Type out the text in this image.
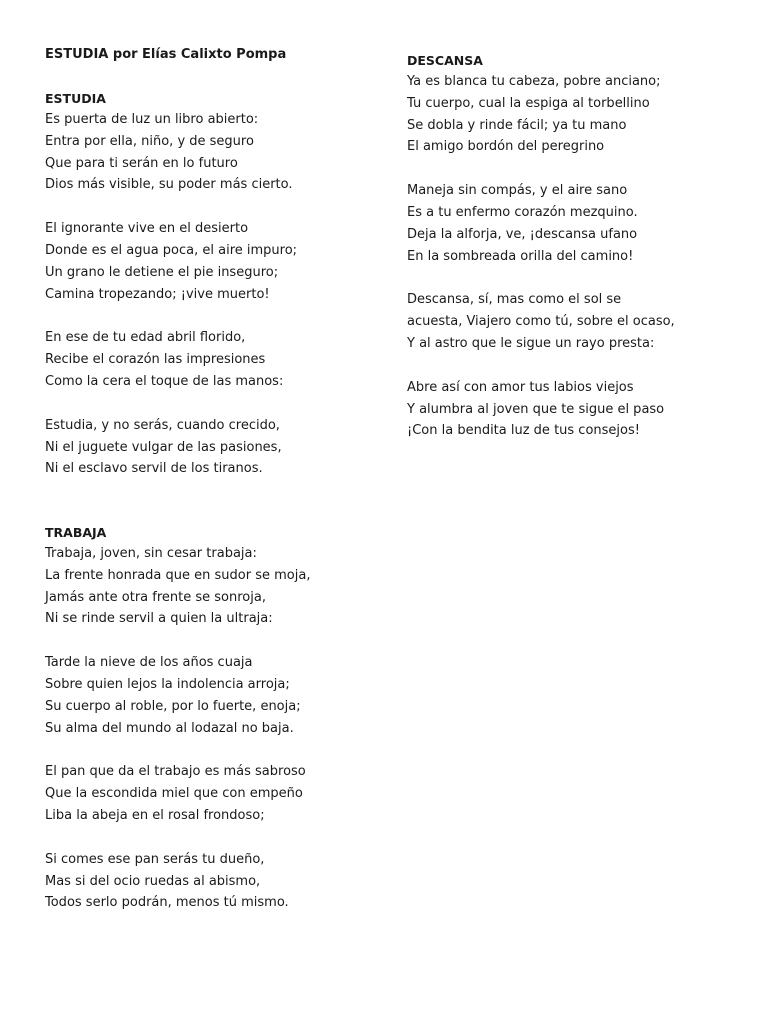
ESTUDIA por Elías Calixto Pompa
ESTUDIA
Es puerta de luz un libro abierto:
Entra por ella, niño, y de seguro
Que para ti serán en lo futuro
Dios más visible, su poder más cierto.
El ignorante vive en el desierto
Donde es el agua poca, el aire impuro;
Un grano le detiene el pie inseguro;
Camina tropezando; ¡vive muerto!
En ese de tu edad abril florido,
Recibe el corazón las impresiones
Como la cera el toque de las manos:
Estudia, y no serás, cuando crecido,
Ni el juguete vulgar de las pasiones,
Ni el esclavo servil de los tiranos.
TRABAJA
Trabaja, joven, sin cesar trabaja:
La frente honrada que en sudor se moja,
Jamás ante otra frente se sonroja,
Ni se rinde servil a quien la ultraja:
Tarde la nieve de los años cuaja
Sobre quien lejos la indolencia arroja;
Su cuerpo al roble, por lo fuerte, enoja;
Su alma del mundo al lodazal no baja.
El pan que da el trabajo es más sabroso
Que la escondida miel que con empeño
Liba la abeja en el rosal frondoso;
Si comes ese pan serás tu dueño,
Mas si del ocio ruedas al abismo,
Todos serlo podrán, menos tú mismo.
DESCANSA
Ya es blanca tu cabeza, pobre anciano;
Tu cuerpo, cual la espiga al torbellino
Se dobla y rinde fácil; ya tu mano
El amigo bordón del peregrino
Maneja sin compás, y el aire sano
Es a tu enfermo corazón mezquino.
Deja la alforja, ve, ¡descansa ufano
En la sombreada orilla del camino!
Descansa, sí, mas como el sol se
acuesta, Viajero como tú, sobre el ocaso,
Y al astro que le sigue un rayo presta:
Abre así con amor tus labios viejos
Y alumbra al joven que te sigue el paso
¡Con la bendita luz de tus consejos!
